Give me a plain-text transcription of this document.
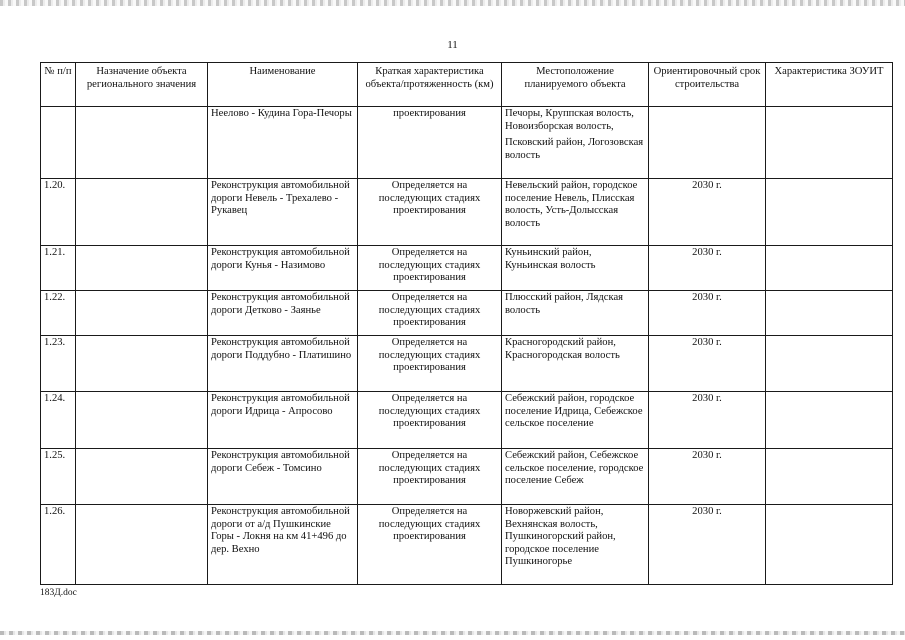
11
№ п/п	Назначение объекта регионального значения	Наименование	Краткая характеристика объекта/протяженность (км)	Местоположение планируемого объекта	Ориентировочный срок строительства	Характеристика ЗОУИТ
		Неелово - Кудина Гора-Печоры	проектирования	Печоры, Круппская волость, Новоизборская волость,
Псковский район, Логозовская волость		

1.20.		Реконструкция автомобильной дороги Невель - Трехалево - Рукавец	Определяется на последующих стадиях проектирования	Невельский район, городское поселение Невель, Плисская волость, Усть-Долысская волость	2030 г.	
1.21.		Реконструкция автомобильной дороги Кунья - Назимово	Определяется на последующих стадиях проектирования	Куньинский район, Куньинская волость	2030 г.	
1.22.		Реконструкция автомобильной дороги Детково - Заянье	Определяется на последующих стадиях проектирования	Плюсский район, Лядская волость	2030 г.	
1.23.		Реконструкция автомобильной дороги Поддубно - Платишино	Определяется на последующих стадиях проектирования	Красногородский район, Красногородская волость	2030 г.	
1.24.		Реконструкция автомобильной дороги Идрица - Апросово	Определяется на последующих стадиях проектирования	Себежский район, городское поселение Идрица, Себежское сельское поселение	2030 г.	
1.25.		Реконструкция автомобильной дороги Себеж - Томсино	Определяется на последующих стадиях проектирования	Себежский район, Себежское сельское поселение, городское поселение Себеж	2030 г.	
1.26.		Реконструкция автомобильной дороги от а/д Пушкинские Горы - Локня на км 41+496 до дер. Вехно	Определяется на последующих стадиях проектирования	Новоржевский район, Вехнянская волость, Пушкиногорский район, городское поселение Пушкиногорье	2030 г.	
183Д.doc
